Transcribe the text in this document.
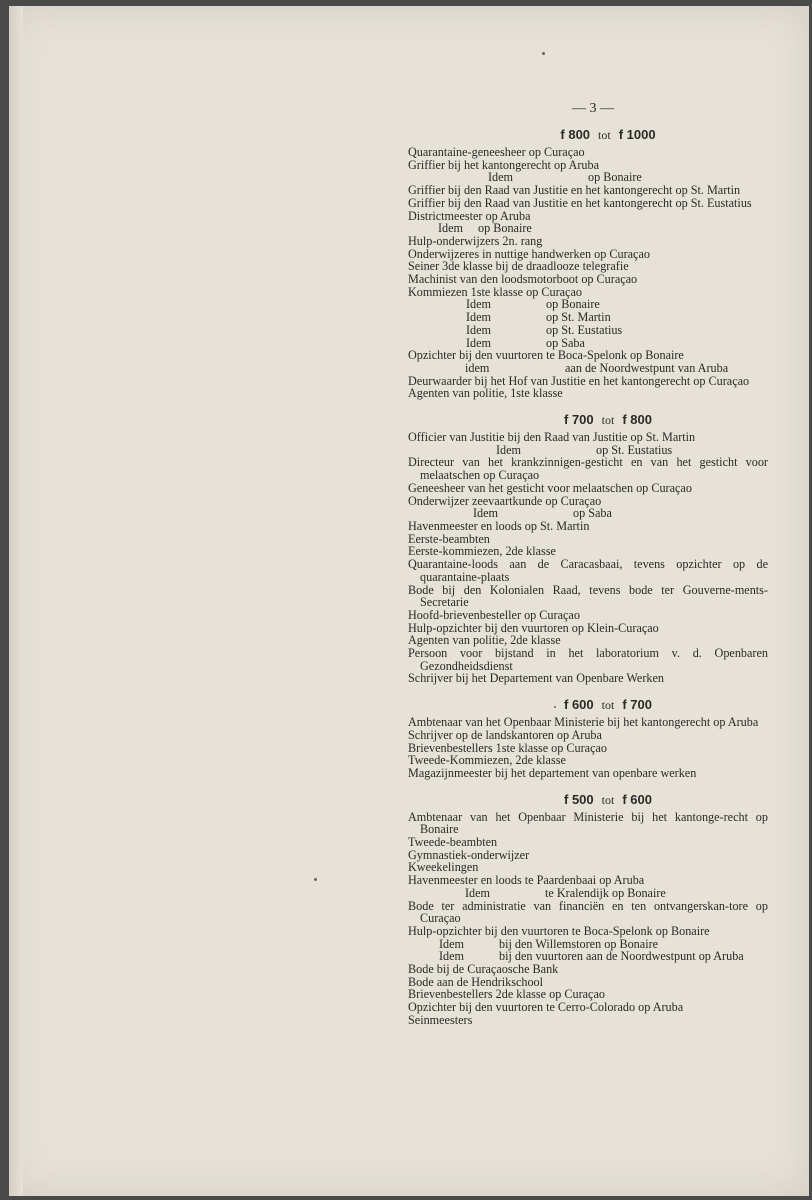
— 3 —
f 800 tot f 1000
Quarantaine-geneesheer op Curaçao
Griffier bij het kantongerecht op Aruba
Idem	op Bonaire
Griffier bij den Raad van Justitie en het kantongerecht op St. Martin
Griffier bij den Raad van Justitie en het kantongerecht op St. Eustatius
Districtmeester op Aruba
Idem op Bonaire
Hulp-onderwijzers 2n. rang
Onderwijzeres in nuttige handwerken op Curaçao
Seiner 3de klasse bij de draadlooze telegrafie
Machinist van den loodsmotorboot op Curaçao
Kommiezen 1ste klasse op Curaçao
Idem	op Bonaire
Idem	op St. Martin
Idem	op St. Eustatius
Idem	op Saba
Opzichter bij den vuurtoren te Boca-Spelonk op Bonaire
idem	aan de Noordwestpunt van Aruba
Deurwaarder bij het Hof van Justitie en het kantongerecht op Curaçao
Agenten van politie, 1ste klasse
f 700 tot f 800
Officier van Justitie bij den Raad van Justitie op St. Martin
Idem	op St. Eustatius
Directeur van het krankzinnigen-gesticht en van het gesticht voor melaatschen op Curaçao
Geneesheer van het gesticht voor melaatschen op Curaçao
Onderwijzer zeevaartkunde op Curaçao
Idem	op Saba
Havenmeester en loods op St. Martin
Eerste-beambten
Eerste-kommiezen, 2de klasse
Quarantaine-loods aan de Caracasbaai, tevens opzichter op de quarantaine-plaats
Bode bij den Kolonialen Raad, tevens bode ter Gouverne-ments-Secretarie
Hoofd-brievenbesteller op Curaçao
Hulp-opzichter bij den vuurtoren op Klein-Curaçao
Agenten van politie, 2de klasse
Persoon voor bijstand in het laboratorium v. d. Openbaren Gezondheidsdienst
Schrijver bij het Departement van Openbare Werken
f 600 tot f 700
Ambtenaar van het Openbaar Ministerie bij het kantongerecht op Aruba
Schrijver op de landskantoren op Aruba
Brievenbestellers 1ste klasse op Curaçao
Tweede-Kommiezen, 2de klasse
Magazijnmeester bij het departement van openbare werken
f 500 tot f 600
Ambtenaar van het Openbaar Ministerie bij het kantonge-recht op Bonaire
Tweede-beambten
Gymnastiek-onderwijzer
Kweekelingen
Havenmeester en loods te Paardenbaai op Aruba
Idem	te Kralendijk op Bonaire
Bode ter administratie van financiën en ten ontvangerskan-tore op Curaçao
Hulp-opzichter bij den vuurtoren te Boca-Spelonk op Bonaire
Idem	bij den Willemstoren op Bonaire
Idem	bij den vuurtoren aan de Noordwestpunt op Aruba
Bode bij de Curaçaosche Bank
Bode aan de Hendrikschool
Brievenbestellers 2de klasse op Curaçao
Opzichter bij den vuurtoren te Cerro-Colorado op Aruba
Seinmeesters
